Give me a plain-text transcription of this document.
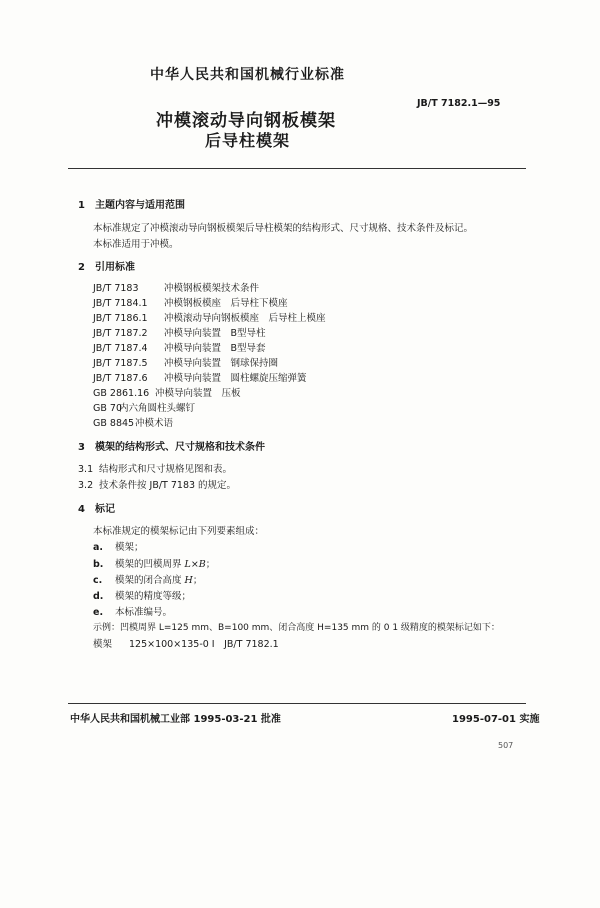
中华人民共和国机械行业标准
JB/T 7182.1—95
冲模滚动导向钢板模架
后导柱模架
1 主题内容与适用范围
本标准规定了冲模滚动导向钢板模架后导柱模架的结构形式、尺寸规格、技术条件及标记。
本标准适用于冲模。
2 引用标准
JB/T 7183	冲模钢板模架技术条件
JB/T 7184.1 冲模钢板模座　后导柱下模座
JB/T 7186.1 冲模滚动导向钢板模座　后导柱上模座
JB/T 7187.2 冲模导向装置　B型导柱
JB/T 7187.4 冲模导向装置　B型导套
JB/T 7187.5 冲模导向装置　钢球保持圈
JB/T 7187.6 冲模导向装置　圆柱螺旋压缩弹簧
GB 2861.16 冲模导向装置　压板
GB 70内六角圆柱头螺钉
GB 8845冲模术语
3 模架的结构形式、尺寸规格和技术条件
3.1 结构形式和尺寸规格见图和表。
3.2 技术条件按 JB/T 7183 的规定。
4 标记
本标准规定的模架标记由下列要素组成：
a. 模架；
b. 模架的凹模周界 L×B；
c. 模架的闭合高度 H；
d. 模架的精度等级；
e. 本标准编号。
示例：凹模周界 L=125 mm、B=100 mm、闭合高度 H=135 mm 的 0 1 级精度的模架标记如下：
模架 125×100×135-0 Ⅰ　JB/T 7182.1
中华人民共和国机械工业部 1995-03-21 批准	1995-07-01 实施
507
